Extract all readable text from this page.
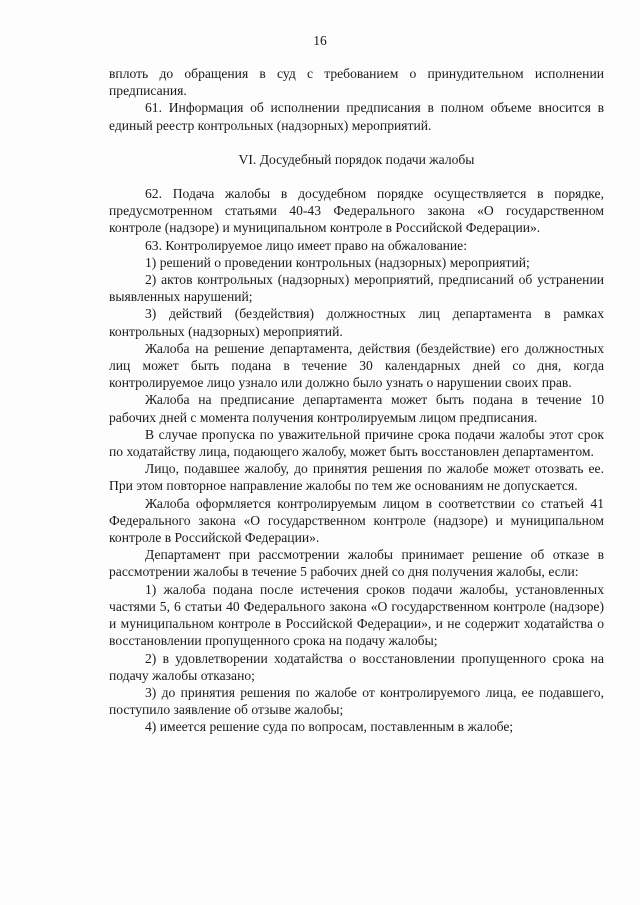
16

вплоть до обращения в суд с требованием о принудительном исполнении предписания.

61. Информация об исполнении предписания в полном объеме вносится в единый реестр контрольных (надзорных) мероприятий.

VI. Досудебный порядок подачи жалобы

62. Подача жалобы в досудебном порядке осуществляется в порядке, предусмотренном статьями 40-43 Федерального закона «О государственном контроле (надзоре) и муниципальном контроле в Российской Федерации».

63. Контролируемое лицо имеет право на обжалование:

1) решений о проведении контрольных (надзорных) мероприятий;

2) актов контрольных (надзорных) мероприятий, предписаний об устранении выявленных нарушений;

3) действий (бездействия) должностных лиц департамента в рамках контрольных (надзорных) мероприятий.

Жалоба на решение департамента, действия (бездействие) его должностных лиц может быть подана в течение 30 календарных дней со дня, когда контролируемое лицо узнало или должно было узнать о нарушении своих прав.

Жалоба на предписание департамента может быть подана в течение 10 рабочих дней с момента получения контролируемым лицом предписания.

В случае пропуска по уважительной причине срока подачи жалобы этот срок по ходатайству лица, подающего жалобу, может быть восстановлен департаментом.

Лицо, подавшее жалобу, до принятия решения по жалобе может отозвать ее. При этом повторное направление жалобы по тем же основаниям не допускается.

Жалоба оформляется контролируемым лицом в соответствии со статьей 41 Федерального закона «О государственном контроле (надзоре) и муниципальном контроле в Российской Федерации».

Департамент при рассмотрении жалобы принимает решение об отказе в рассмотрении жалобы в течение 5 рабочих дней со дня получения жалобы, если:

1) жалоба подана после истечения сроков подачи жалобы, установленных частями 5, 6 статьи 40 Федерального закона «О государственном контроле (надзоре) и муниципальном контроле в Российской Федерации», и не содержит ходатайства о восстановлении пропущенного срока на подачу жалобы;

2) в удовлетворении ходатайства о восстановлении пропущенного срока на подачу жалобы отказано;

3) до принятия решения по жалобе от контролируемого лица, ее подавшего, поступило заявление об отзыве жалобы;

4) имеется решение суда по вопросам, поставленным в жалобе;
